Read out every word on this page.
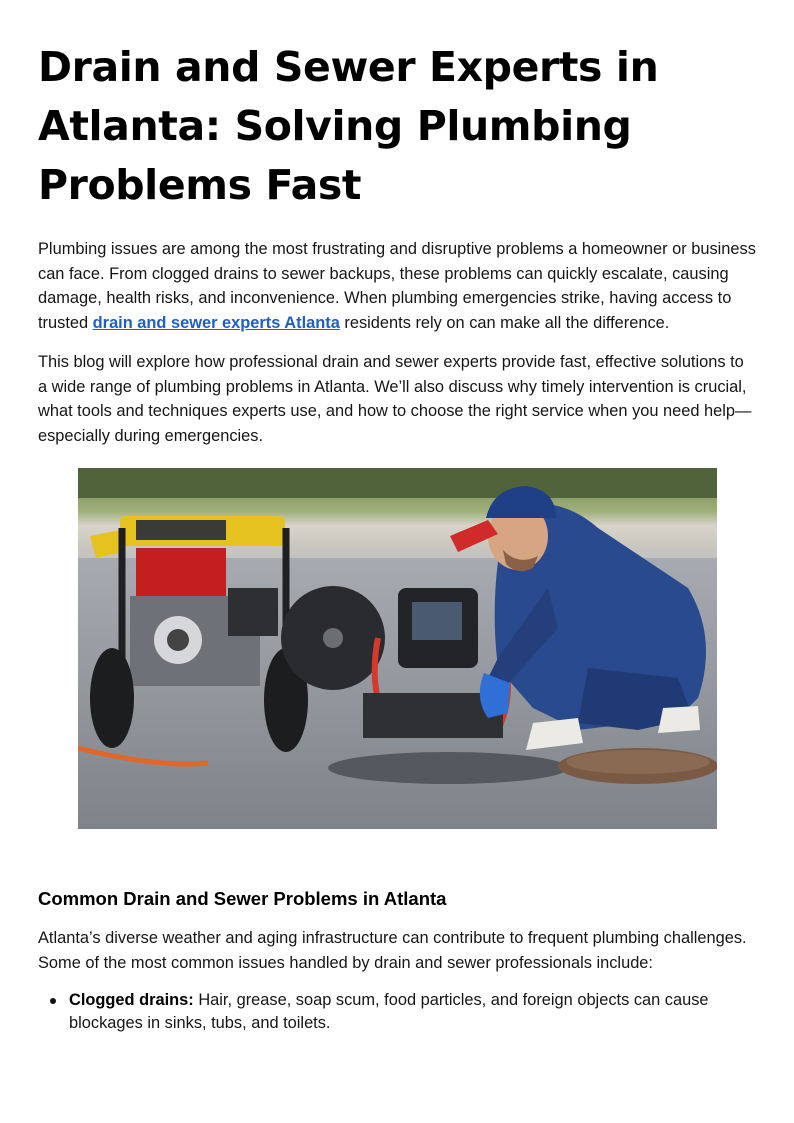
Drain and Sewer Experts in Atlanta: Solving Plumbing Problems Fast

Plumbing issues are among the most frustrating and disruptive problems a homeowner or business can face. From clogged drains to sewer backups, these problems can quickly escalate, causing damage, health risks, and inconvenience. When plumbing emergencies strike, having access to trusted drain and sewer experts Atlanta residents rely on can make all the difference.

This blog will explore how professional drain and sewer experts provide fast, effective solutions to a wide range of plumbing problems in Atlanta. We’ll also discuss why timely intervention is crucial, what tools and techniques experts use, and how to choose the right service when you need help—especially during emergencies.

Common Drain and Sewer Problems in Atlanta

Atlanta’s diverse weather and aging infrastructure can contribute to frequent plumbing challenges. Some of the most common issues handled by drain and sewer professionals include:

Clogged drains: Hair, grease, soap scum, food particles, and foreign objects can cause blockages in sinks, tubs, and toilets.
